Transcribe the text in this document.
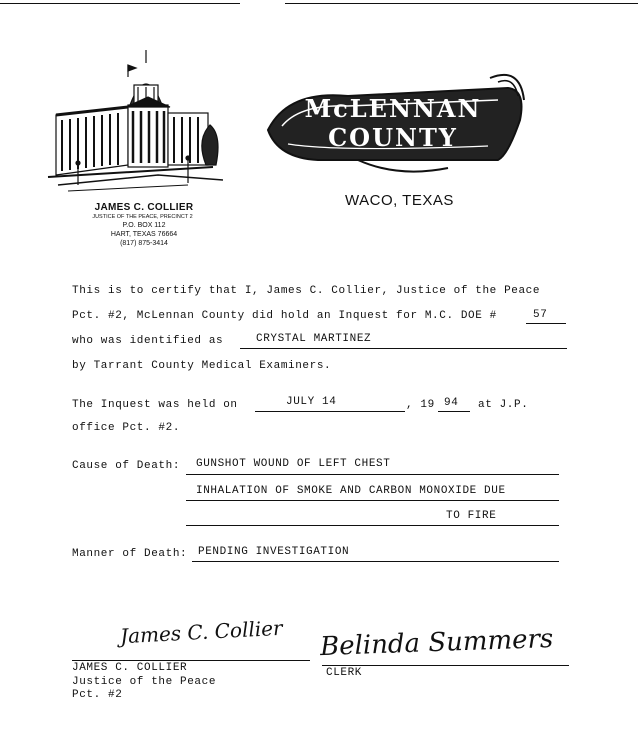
JAMES C. COLLIER
JUSTICE OF THE PEACE, PRECINCT 2
P.O. BOX 112
HART, TEXAS 76664
(817) 875-3414
McLENNAN COUNTY
WACO, TEXAS
This is to certify that I, James C. Collier, Justice of the Peace
Pct. #2, McLennan County did hold an Inquest for M.C. DOE #	57
who was identified as	CRYSTAL MARTINEZ
by Tarrant County Medical Examiners.
The Inquest was held on	JULY 14	, 19 94 at J.P.
office Pct. #2.
Cause of Death: GUNSHOT WOUND OF LEFT CHEST
INHALATION OF SMOKE AND CARBON MONOXIDE DUE
TO FIRE
Manner of Death: PENDING INVESTIGATION
James C. Collier
JAMES C. COLLIER
Justice of the Peace
Pct. #2
Belinda Summers
CLERK
